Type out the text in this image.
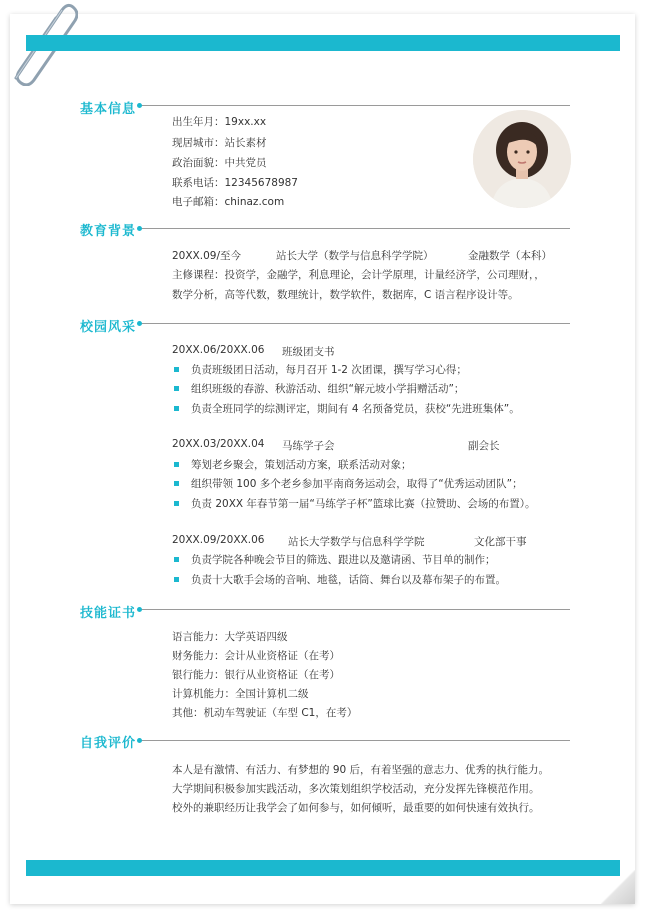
基本信息
出生年月：19xx.xx
现居城市：站长素材
政治面貌：中共党员
联系电话：12345678987
电子邮箱：chinaz.com
教育背景
20XX.09/至今	站长大学（数学与信息科学学院）	金融数学（本科）
主修课程：投资学，金融学，利息理论，会计学原理，计量经济学，公司理财，，
数学分析，高等代数，数理统计，数学软件，数据库，C 语言程序设计等。
校园风采
20XX.06/20XX.06 班级团支书
负责班级团日活动，每月召开 1-2 次团课，撰写学习心得；
组织班级的春游、秋游活动、组织“解元坡小学捐赠活动”；
负责全班同学的综测评定，期间有 4 名预备党员，获校“先进班集体”。
20XX.03/20XX.04 马练学子会	副会长
筹划老乡聚会，策划活动方案，联系活动对象；
组织带领 100 多个老乡参加平南商务运动会，取得了“优秀运动团队”；
负责 20XX 年春节第一届“马练学子杯”篮球比赛（拉赞助、会场的布置）。
20XX.09/20XX.06 站长大学数学与信息科学学院	文化部干事
负责学院各种晚会节目的筛选、跟进以及邀请函、节目单的制作；
负责十大歌手会场的音响、地毯，话筒、舞台以及幕布架子的布置。
技能证书
语言能力：大学英语四级
财务能力：会计从业资格证（在考）
银行能力：银行从业资格证（在考）
计算机能力：全国计算机二级
其他：机动车驾驶证（车型 C1，在考）
自我评价
本人是有激情、有活力、有梦想的 90 后，有着坚强的意志力、优秀的执行能力。
大学期间积极参加实践活动，多次策划组织学校活动，充分发挥先锋模范作用。
校外的兼职经历让我学会了如何参与，如何倾听，最重要的如何快速有效执行。
